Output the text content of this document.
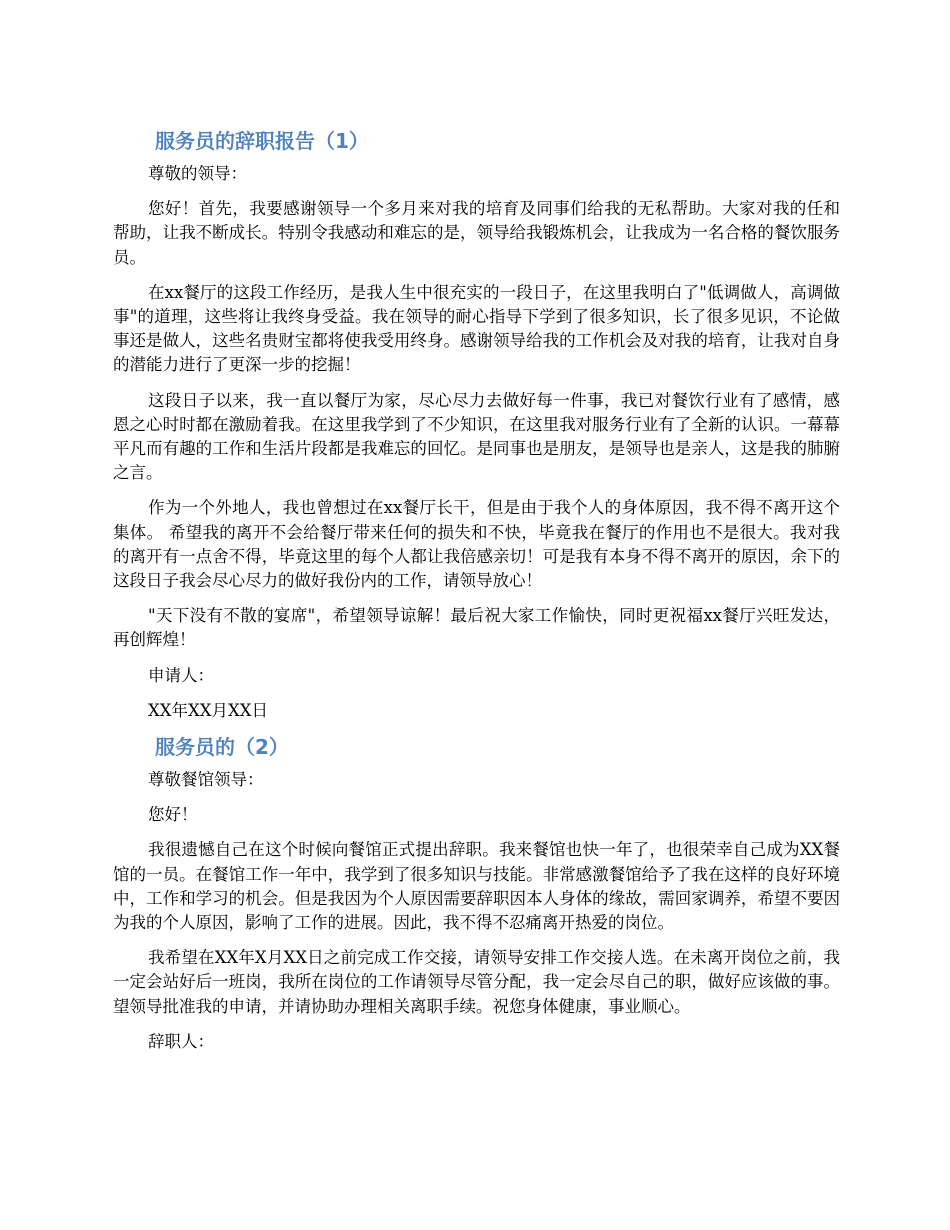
服务员的辞职报告（1）

尊敬的领导：

您好！首先，我要感谢领导一个多月来对我的培育及同事们给我的无私帮助。大家对我的任和帮助，让我不断成长。特别令我感动和难忘的是，领导给我锻炼机会，让我成为一名合格的餐饮服务员。

在xx餐厅的这段工作经历，是我人生中很充实的一段日子，在这里我明白了"低调做人，高调做事"的道理，这些将让我终身受益。我在领导的耐心指导下学到了很多知识，长了很多见识，不论做事还是做人，这些名贵财宝都将使我受用终身。感谢领导给我的工作机会及对我的培育，让我对自身的潜能力进行了更深一步的挖掘！

这段日子以来，我一直以餐厅为家，尽心尽力去做好每一件事，我已对餐饮行业有了感情，感恩之心时时都在激励着我。在这里我学到了不少知识，在这里我对服务行业有了全新的认识。一幕幕平凡而有趣的工作和生活片段都是我难忘的回忆。是同事也是朋友，是领导也是亲人，这是我的肺腑之言。

作为一个外地人，我也曾想过在xx餐厅长干，但是由于我个人的身体原因，我不得不离开这个集体。 希望我的离开不会给餐厅带来任何的损失和不快，毕竟我在餐厅的作用也不是很大。我对我的离开有一点舍不得，毕竟这里的每个人都让我倍感亲切！可是我有本身不得不离开的原因，余下的这段日子我会尽心尽力的做好我份内的工作，请领导放心！

"天下没有不散的宴席"，希望领导谅解！最后祝大家工作愉快，同时更祝福xx餐厅兴旺发达，再创辉煌！

申请人：

XX年XX月XX日

服务员的（2）

尊敬餐馆领导：

您好！

我很遗憾自己在这个时候向餐馆正式提出辞职。我来餐馆也快一年了，也很荣幸自己成为XX餐馆的一员。在餐馆工作一年中，我学到了很多知识与技能。非常感激餐馆给予了我在这样的良好环境中，工作和学习的机会。但是我因为个人原因需要辞职因本人身体的缘故，需回家调养，希望不要因为我的个人原因，影响了工作的进展。因此，我不得不忍痛离开热爱的岗位。

我希望在XX年X月XX日之前完成工作交接，请领导安排工作交接人选。在未离开岗位之前，我一定会站好后一班岗，我所在岗位的工作请领导尽管分配，我一定会尽自己的职，做好应该做的事。望领导批准我的申请，并请协助办理相关离职手续。祝您身体健康，事业顺心。

辞职人：
